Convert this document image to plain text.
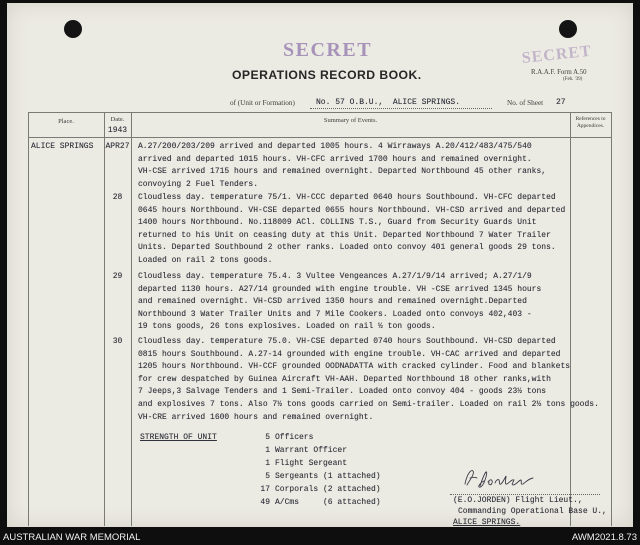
SECRET	SECRET
R.A.A.F. Form A.50
(Feb. '39)
OPERATIONS RECORD BOOK.
of (Unit or Formation)	No. 57 O.B.U.,  ALICE SPRINGS.	No. of Sheet 27
Place.	Date.
1943
Summary of Events.	References to
Appendices.
ALICE SPRINGS APR27 A.27/200/203/209 arrived and departed 1005 hours. 4 Wirraways A.20/412/483/475/540
arrived and departed 1015 hours. VH-CFC arrived 1700 hours and remained overnight.
VH-CSE arrived 1715 hours and remained overnight. Departed Northbound 45 other ranks,
convoying 2 Fuel Tenders.
28	Cloudless day. temperature 75/1. VH-CCC departed 0640 hours Southbound. VH-CFC departed
0645 hours Northbound. VH-CSE departed 0655 hours Northbound. VH-CSD arrived and departed
1400 hours Northbound. No.118009 ACl. COLLINS T.S., Guard from Security Guards Unit
returned to his Unit on ceasing duty at this Unit. Departed Northbound 7 Water Trailer
Units. Departed Southbound 2 other ranks. Loaded onto convoy 401 general goods 29 tons.
Loaded on rail 2 tons goods.
29	Cloudless day. temperature 75.4. 3 Vultee Vengeances A.27/1/9/14 arrived; A.27/1/9
departed 1130 hours. A27/14 grounded with engine trouble. VH -CSE arrived 1345 hours
and remained overnight. VH-CSD arrived 1350 hours and remained overnight.Departed
Northbound 3 Water Trailer Units and 7 Mile Cookers. Loaded onto convoys 402,403 -
19 tons goods, 26 tons explosives. Loaded on rail ½ ton goods.
30	Cloudless day. temperature 75.0. VH-CSE departed 0740 hours Southbound. VH-CSD departed
0815 hours Southbound. A.27-14 grounded with engine trouble. VH-CAC arrived and departed
1205 hours Northbound. VH-CCF grounded OODNADATTA with cracked cylinder. Food and blankets
for crew despatched by Guinea Aircraft VH-AAH. Departed Northbound 18 other ranks,with
7 Jeeps,3 Salvage Tenders and 1 Semi-Trailer. Loaded onto convoy 404 - goods 23½ tons
and explosives 7 tons. Also 7½ tons goods carried on Semi-trailer. Loaded on rail 2½ tons goods.
VH-CRE arrived 1600 hours and remained overnight.
STRENGTH OF UNIT	5 Officers
1 Warrant Officer
1 Flight Sergeant
5 Sergeants (1 attached)
17 Corporals (2 attached)
49 A/Cms	(6 attached)	(E.O.JORDEN) Flight Lieut.,
Commanding Operational Base U.,
ALICE SPRINGS.
AUSTRALIAN WAR MEMORIAL	AWM2021.8.73
